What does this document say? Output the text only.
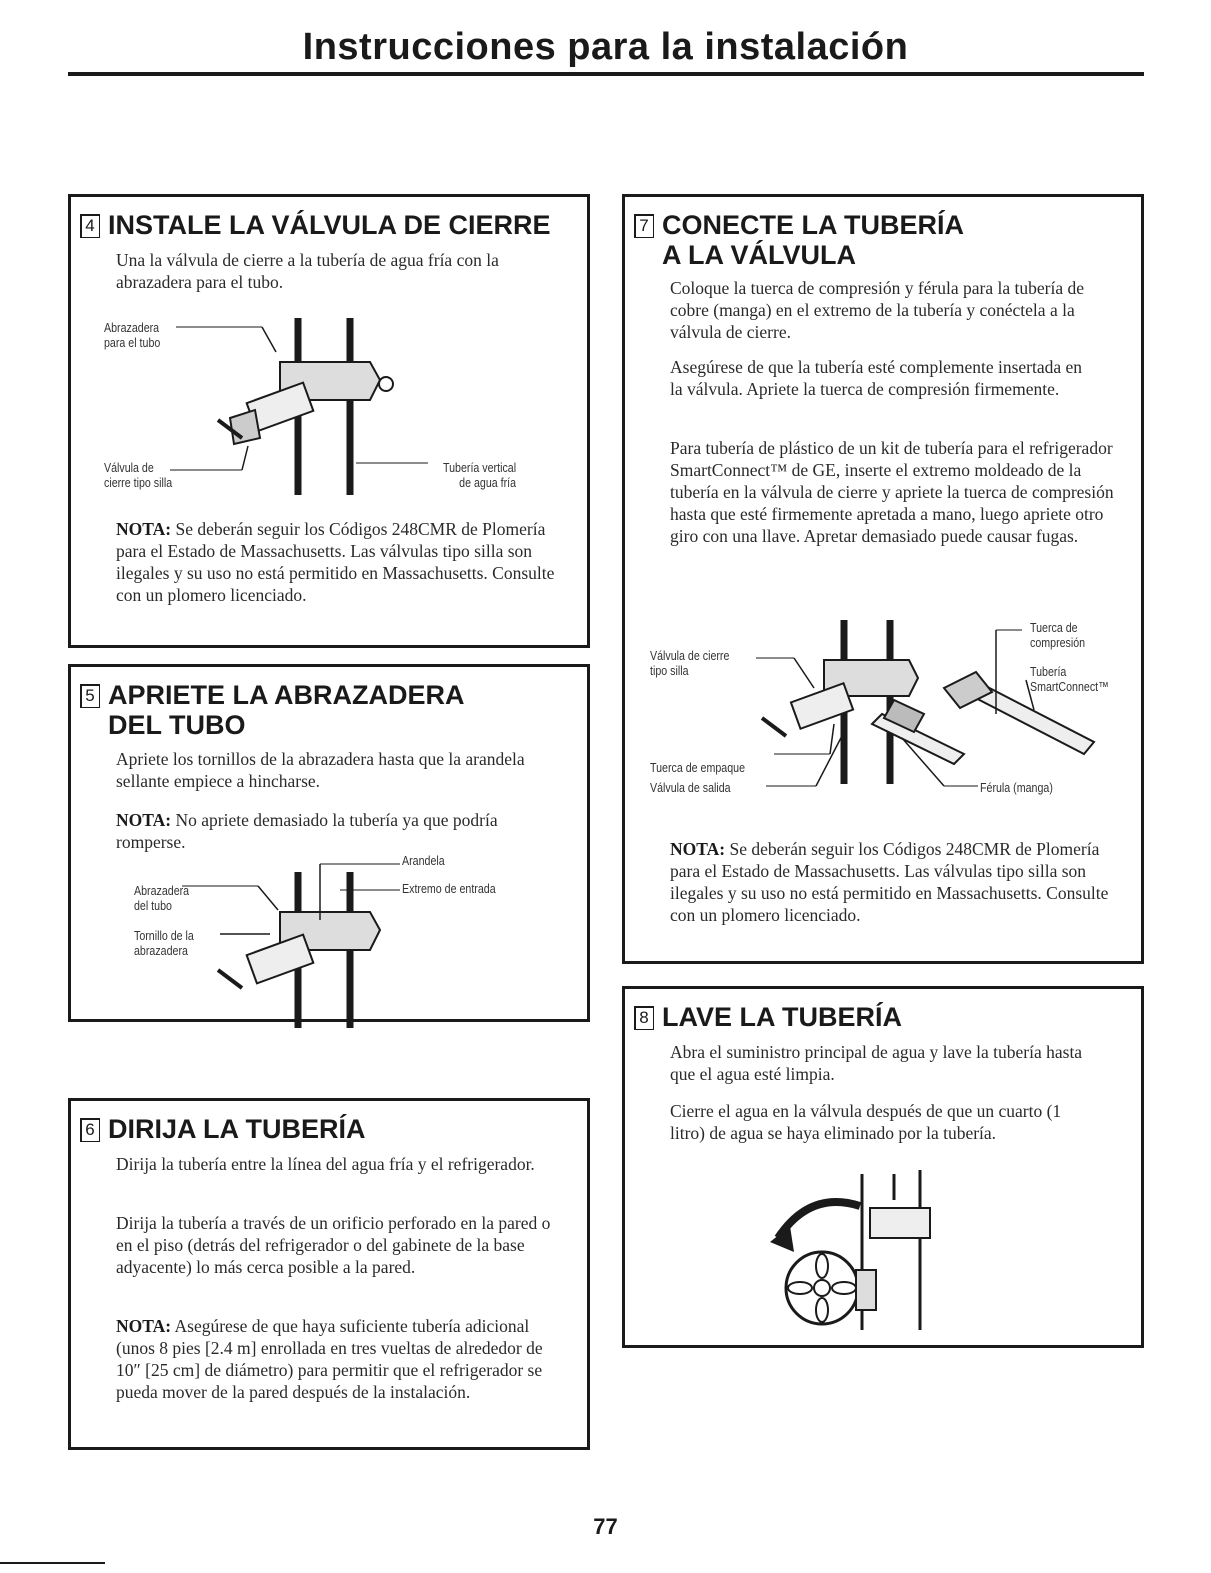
Instrucciones para la instalación
4 INSTALE LA VÁLVULA DE CIERRE

Una la válvula de cierre a la tubería de agua fría con la abrazadera para el tubo.

Abrazadera
para el tubo
Válvula de
cierre tipo silla
Tubería vertical
de agua fría

NOTA: Se deberán seguir los Códigos 248CMR de Plomería para el Estado de Massachusetts. Las válvulas tipo silla son ilegales y su uso no está permitido en Massachusetts. Consulte con un plomero licenciado.

5 APRIETE LA ABRAZADERA
DEL TUBO

Apriete los tornillos de la abrazadera hasta que la arandela sellante empiece a hincharse.

NOTA: No apriete demasiado la tubería ya que podría romperse.

Arandela
Extremo de entrada
Abrazadera
del tubo
Tornillo de la
abrazadera
6 DIRIJA LA TUBERÍA

Dirija la tubería entre la línea del agua fría y el refrigerador.

Dirija la tubería a través de un orificio perforado en la pared o en el piso (detrás del refrigerador o del gabinete de la base adyacente) lo más cerca posible a la pared.

NOTA: Asegúrese de que haya suficiente tubería adicional (unos 8 pies [2.4 m] enrollada en tres vueltas de alrededor de 10″ [25 cm] de diámetro) para permitir que el refrigerador se pueda mover de la pared después de la instalación.

7 CONECTE LA TUBERÍA
A LA VÁLVULA

Coloque la tuerca de compresión y férula para la tubería de cobre (manga) en el extremo de la tubería y conéctela a la válvula de cierre.

Asegúrese de que la tubería esté complemente insertada en la válvula. Apriete la tuerca de compresión firmemente.

Para tubería de plástico de un kit de tubería para el refrigerador SmartConnect™ de GE, inserte el extremo moldeado de la tubería en la válvula de cierre y apriete la tuerca de compresión hasta que esté firmemente apretada a mano, luego apriete otro giro con una llave. Apretar demasiado puede causar fugas.

Válvula de cierre
tipo silla
Tuerca de
compresión
Tubería
SmartConnect™
Tuerca de empaque
Válvula de salida	Férula (manga)

NOTA: Se deberán seguir los Códigos 248CMR de Plomería para el Estado de Massachusetts. Las válvulas tipo silla son ilegales y su uso no está permitido en Massachusetts. Consulte con un plomero licenciado.

8 LAVE LA TUBERÍA

Abra el suministro principal de agua y lave la tubería hasta que el agua esté limpia.

Cierre el agua en la válvula después de que un cuarto (1 litro) de agua se haya eliminado por la tubería.

77
